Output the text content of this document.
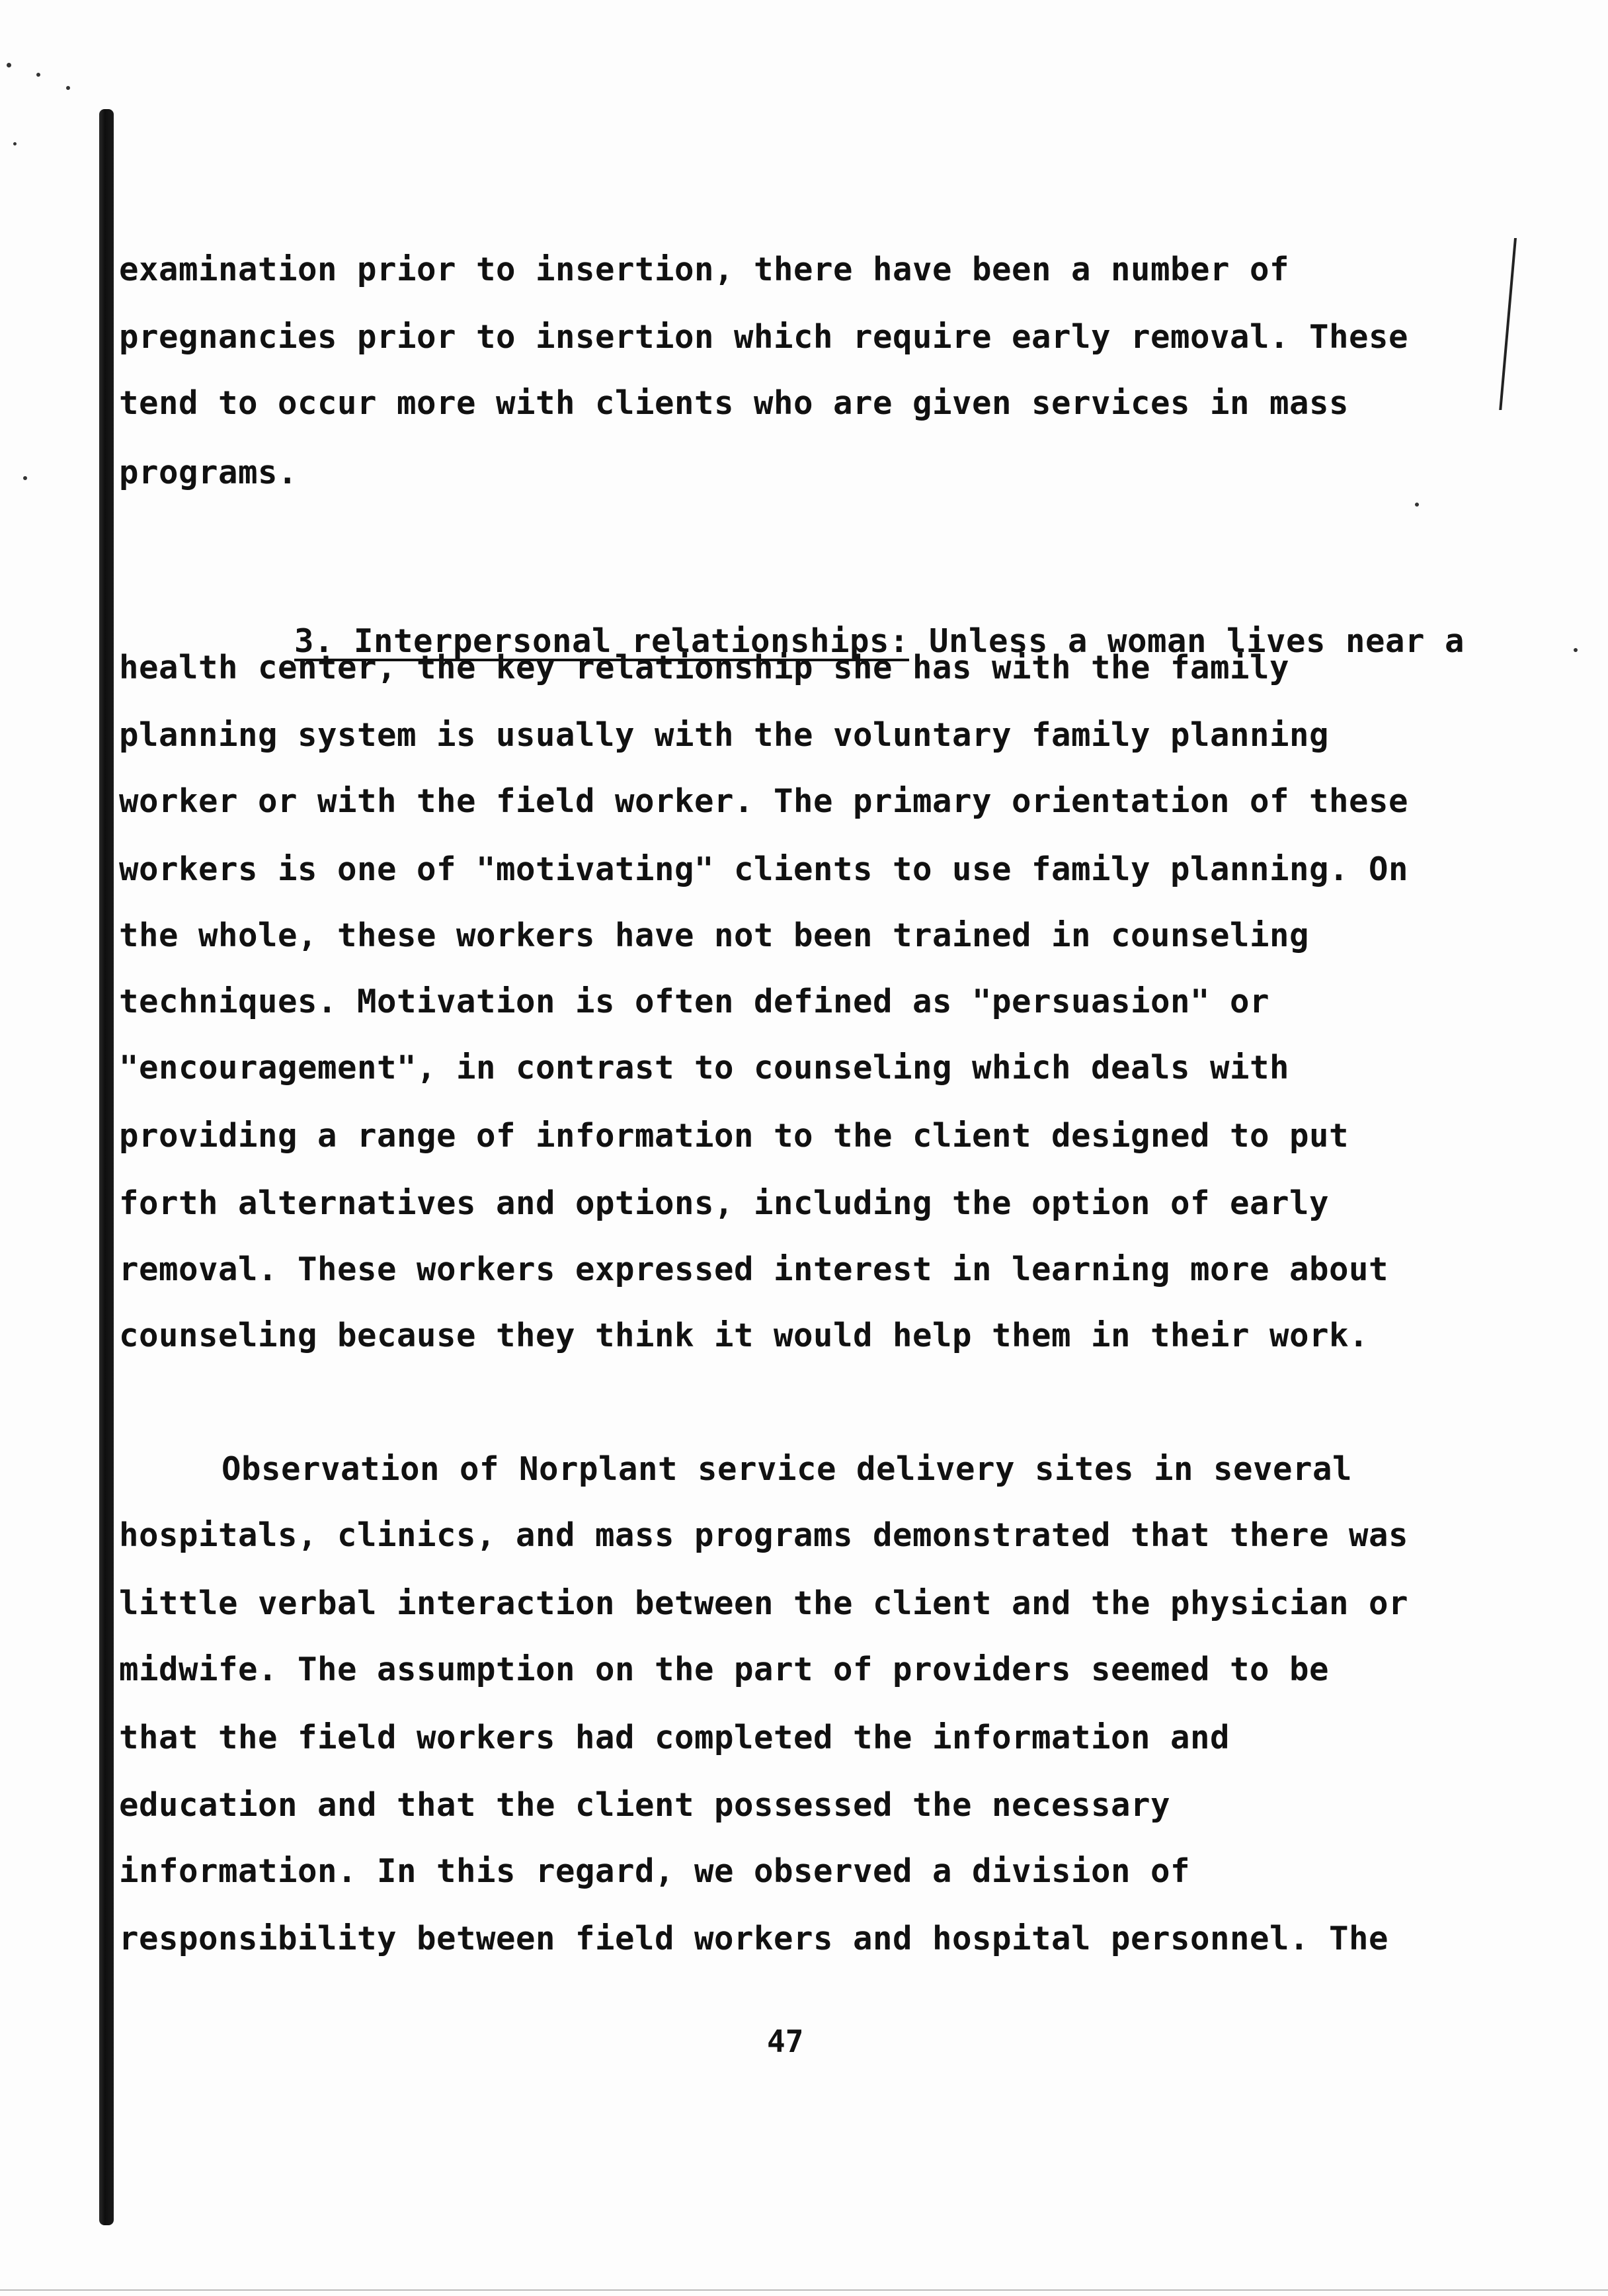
examination prior to insertion, there have been a number of
pregnancies prior to insertion which require early removal. These
tend to occur more with clients who are given services in mass
programs.

3. Interpersonal relationships: Unless a woman lives near a

health center, the key relationship she has with the family
planning system is usually with the voluntary family planning
worker or with the field worker. The primary orientation of these
workers is one of "motivating" clients to use family planning. On
the whole, these workers have not been trained in counseling
techniques. Motivation is often defined as "persuasion" or
"encouragement", in contrast to counseling which deals with
providing a range of information to the client designed to put
forth alternatives and options, including the option of early
removal. These workers expressed interest in learning more about
counseling because they think it would help them in their work.
Observation of Norplant service delivery sites in several
hospitals, clinics, and mass programs demonstrated that there was
little verbal interaction between the client and the physician or
midwife. The assumption on the part of providers seemed to be
that the field workers had completed the information and
education and that the client possessed the necessary
information. In this regard, we observed a division of
responsibility between field workers and hospital personnel. The
47
